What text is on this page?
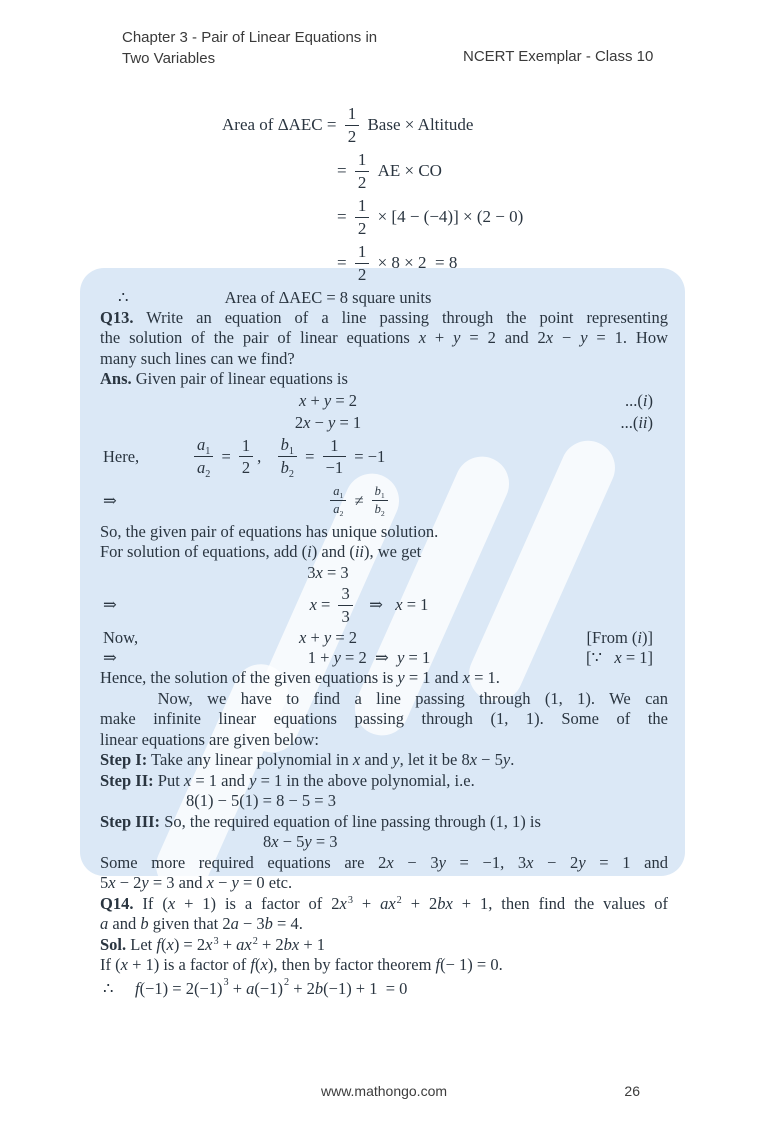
Chapter 3 - Pair of Linear Equations in
Two Variables	NCERT Exemplar - Class 10
Area of $\Delta AEC = \frac{1}{2}$ Base × Altitude
= $\frac{1}{2}$ AE × CO
= $\frac{1}{2} \times [4 - (-4)] \times (2 - 0)$
= $\frac{1}{2} \times 8 \times 2 = 8$
∴	Area of ΔAEC = 8 square units
Q13. Write an equation of a line passing through the point representing
the solution of the pair of linear equations x + y = 2 and 2x − y = 1. How
many such lines can we find?
Ans. Given pair of linear equations is
x + y = 2	...(i)
2 x − y = 1	...(ii)
Here,	$\frac{a_1}{a_2} = \frac{1}{2}$ , $\frac{b_1}{b_2} = \frac{1}{-1} = -1$
⇒	$\frac{a_1}{a_2} \ne \frac{b_1}{b_2}$
So, the given pair of equations has unique solution.
For solution of equations, add (i) and (ii), we get
3 x = 3
⇒	$x = \frac{3}{3}$ ⇒ x = 1
Now,	x + y = 2	[From (i)]
⇒	1 + y = 2  ⇒ y = 1	[∵   x = 1]
Hence, the solution of the given equations is y = 1 and x = 1.
Now, we have to find a line passing through (1, 1). We can
make infinite linear equations passing through (1, 1). Some of the
linear equations are given below:
Step I: Take any linear polynomial in x and y, let it be 8x − 5y.
Step II: Put x = 1 and y = 1 in the above polynomial, i.e.
8(1) − 5(1) = 8 − 5 = 3
Step III: So, the required equation of line passing through (1, 1) is
8x − 5y = 3
Some more required equations are 2x − 3y = −1, 3x − 2y = 1 and
5x − 2y = 3 and x − y = 0 etc.
Q14. If (x + 1) is a factor of $2x^3 + ax^2 + 2bx + 1$, then find the values of
a and b given that 2a − 3b = 4.
Sol. Let $f(x) = 2x^3 + ax^2 + 2bx + 1$
If (x + 1) is a factor of f(x), then by factor theorem f(− 1) = 0.
∴ f (−1) = 2(−1) 3 + a (−1) 2 + 2 b (−1) + 1  = 0
www.mathongo.com	26
